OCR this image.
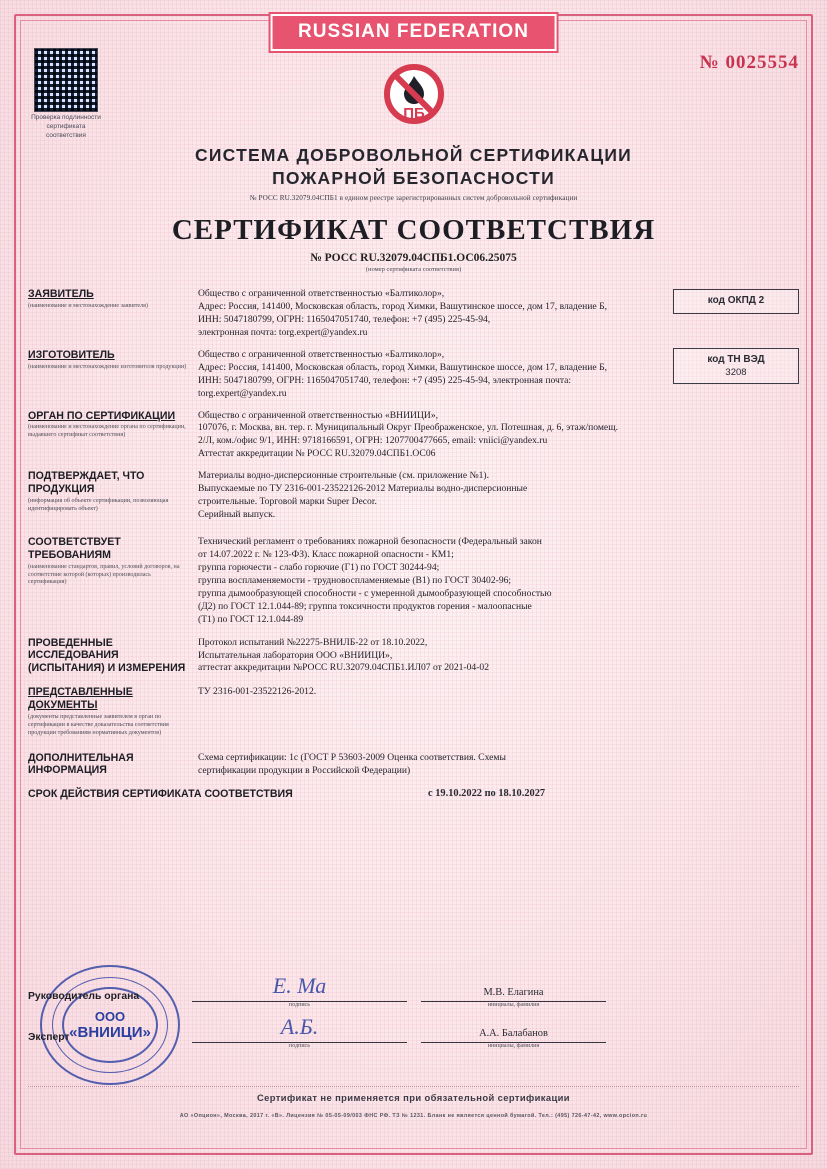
RUSSIAN FEDERATION
№ 0025554
Проверка подлинности сертификата соответствия
ПБ
СИСТЕМА ДОБРОВОЛЬНОЙ СЕРТИФИКАЦИИ
ПОЖАРНОЙ БЕЗОПАСНОСТИ
№ РОСС RU.32079.04СПБ1 в едином реестре зарегистрированных систем добровольной сертификации
СЕРТИФИКАТ СООТВЕТСТВИЯ
№ РОСС RU.32079.04СПБ1.ОС06.25075
(номер сертификата соответствия)
код ОКПД 2
код ТН ВЭД
3208
ЗАЯВИТЕЛЬ
(наименование и местонахождение заявителя)
Общество с ограниченной ответственностью «Балтиколор»,
Адрес: Россия, 141400, Московская область, город Химки, Вашутинское шоссе, дом 17, владение Б,
ИНН: 5047180799, ОГРН: 1165047051740, телефон: +7 (495) 225-45-94,
электронная почта: torg.expert@yandex.ru
ИЗГОТОВИТЕЛЬ
(наименование и местонахождение изготовителя продукции)
Общество с ограниченной ответственностью «Балтиколор»,
Адрес: Россия, 141400, Московская область, город Химки, Вашутинское шоссе, дом 17, владение Б,
ИНН: 5047180799, ОГРН: 1165047051740, телефон: +7 (495) 225-45-94, электронная почта:
torg.expert@yandex.ru
ОРГАН ПО СЕРТИФИКАЦИИ
(наименование и местонахождение органа по сертификации, выдавшего сертификат соответствия)
Общество с ограниченной ответственностью «ВНИИЦИ»,
107076, г. Москва, вн. тер. г. Муниципальный Округ Преображенское, ул. Потешная, д. 6, этаж/помещ.
2/Л, ком./офис 9/1, ИНН: 9718166591, ОГРН: 1207700477665, email: vniici@yandex.ru
Аттестат аккредитации № РОСС RU.32079.04СПБ1.ОС06
ПОДТВЕРЖДАЕТ, ЧТО ПРОДУКЦИЯ
(информация об объекте сертификации, позволяющая идентифицировать объект)
Материалы водно-дисперсионные строительные (см. приложение №1).
Выпускаемые по ТУ 2316-001-23522126-2012 Материалы водно-дисперсионные
строительные. Торговой марки Super Decor.
Серийный выпуск.
СООТВЕТСТВУЕТ ТРЕБОВАНИЯМ
(наименование стандартов, правил, условий договоров, на соответствие которой (которых) производилась сертификация)
Технический регламент о требованиях пожарной безопасности (Федеральный закон
от 14.07.2022 г. № 123-ФЗ). Класс пожарной опасности - КМ1;
группа горючести - слабо горючие (Г1) по ГОСТ 30244-94;
группа воспламеняемости - трудновоспламеняемые (В1) по ГОСТ 30402-96;
группа дымообразующей способности - с умеренной дымообразующей способностью
(Д2) по ГОСТ 12.1.044-89; группа токсичности продуктов горения - малоопасные
(Т1) по ГОСТ 12.1.044-89
ПРОВЕДЕННЫЕ ИССЛЕДОВАНИЯ (ИСПЫТАНИЯ) И ИЗМЕРЕНИЯ
Протокол испытаний №22275-ВНИЛБ-22 от 18.10.2022,
Испытательная лаборатория ООО «ВНИИЦИ»,
аттестат аккредитации №РОСС RU.32079.04СПБ1.ИЛ07 от 2021-04-02
ПРЕДСТАВЛЕННЫЕ ДОКУМЕНТЫ
(документы представленные заявителем в орган по сертификации в качестве доказательства соответствия продукции требованиям нормативных документов)
ТУ 2316-001-23522126-2012.
ДОПОЛНИТЕЛЬНАЯ ИНФОРМАЦИЯ
Схема сертификации: 1с (ГОСТ Р 53603-2009 Оценка соответствия. Схемы
сертификации продукции в Российской Федерации)
СРОК ДЕЙСТВИЯ СЕРТИФИКАТА СООТВЕТСТВИЯ	с 19.10.2022 по 18.10.2027
ООО
«ВНИИЦИ»
Руководитель органа	Е. Ма
подпись
М.В. Елагина
инициалы, фамилия
Эксперт	А.Б.
подпись
А.А. Балабанов
инициалы, фамилия
Сертификат не применяется при обязательной сертификации
АО «Опцион», Москва, 2017 г. «В». Лицензия № 05-05-09/003 ФНС РФ. ТЗ № 1231. Бланк не является ценной бумагой. Тел.: (495) 726-47-42, www.opcion.ru
